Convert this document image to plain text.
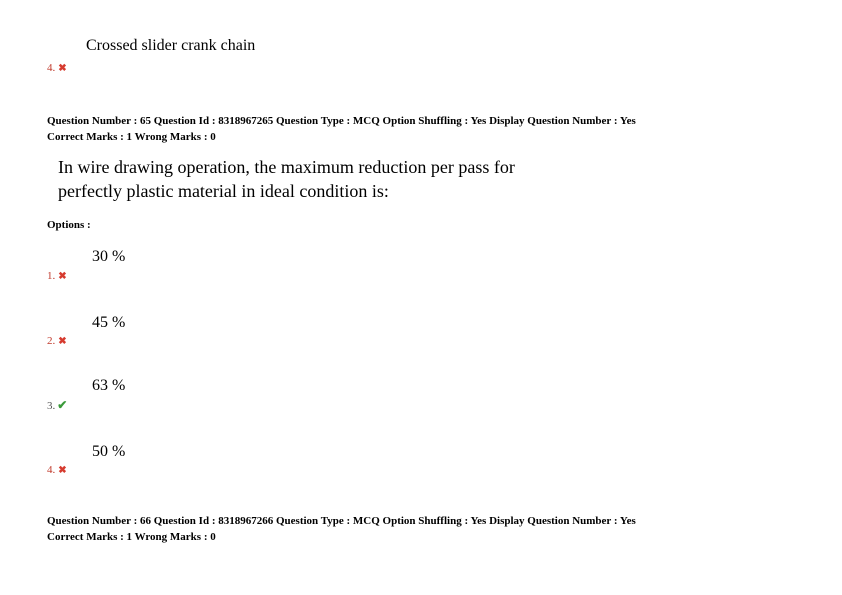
Crossed slider crank chain
4. ✖
Question Number : 65 Question Id : 8318967265 Question Type : MCQ Option Shuffling : Yes Display Question Number : Yes
Correct Marks : 1 Wrong Marks : 0
In wire drawing operation, the maximum reduction per pass for
perfectly plastic material in ideal condition is:
Options :
30 %
1. ✖
45 %
2. ✖
63 %
3. ✔
50 %
4. ✖
Question Number : 66 Question Id : 8318967266 Question Type : MCQ Option Shuffling : Yes Display Question Number : Yes
Correct Marks : 1 Wrong Marks : 0
